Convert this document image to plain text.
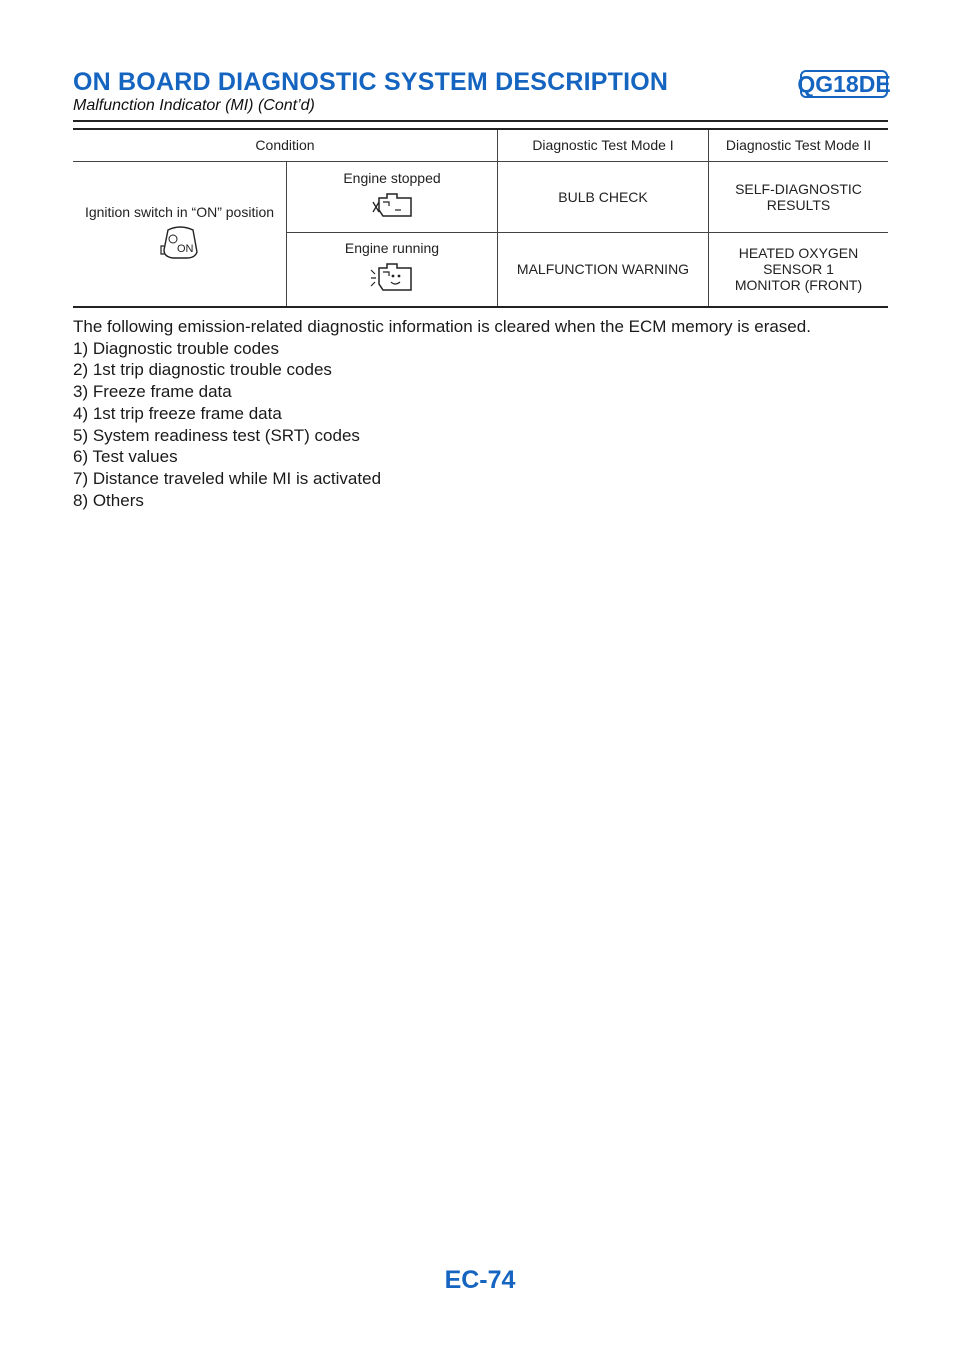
ON BOARD DIAGNOSTIC SYSTEM DESCRIPTION	QG18DE
Malfunction Indicator (MI) (Cont’d)
Condition		Diagnostic Test Mode I	Diagnostic Test Mode II

Ignition switch in “ON” position
ON	Engine stopped	BULB CHECK	SELF-DIAGNOSTIC RESULTS

	Engine running	MALFUNCTION WARNING	HEATED OXYGEN SENSOR 1
MONITOR (FRONT)

The following emission-related diagnostic information is cleared when the ECM memory is erased.

1) Diagnostic trouble codes
2) 1st trip diagnostic trouble codes
3) Freeze frame data
4) 1st trip freeze frame data
5) System readiness test (SRT) codes
6) Test values
7) Distance traveled while MI is activated
8) Others
EC-74
